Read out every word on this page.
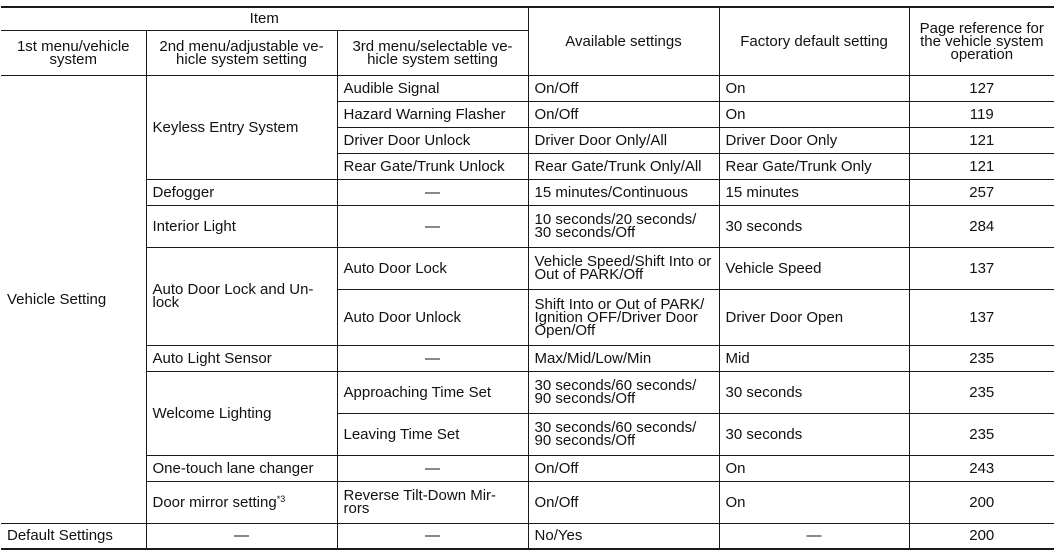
Item			Available settings	Factory default setting	Page reference for the vehicle system operation
1st menu/vehicle system	2nd menu/adjustable ve-hicle system setting	3rd menu/selectable ve-hicle system setting			
Vehicle Setting	Keyless Entry System	Audible Signal	On/Off	On	127
		Hazard Warning Flasher	On/Off	On	119
		Driver Door Unlock	Driver Door Only/All	Driver Door Only	121
		Rear Gate/Trunk Unlock	Rear Gate/Trunk Only/All	Rear Gate/Trunk Only	121
	Defogger	—	15 minutes/Continuous	15 minutes	257
	Interior Light	—	10 seconds/20 seconds/ 30 seconds/Off	30 seconds	284
	Auto Door Lock and Un-lock	Auto Door Lock	Vehicle Speed/Shift Into or Out of PARK/Off	Vehicle Speed	137
		Auto Door Unlock	Shift Into or Out of PARK/ Ignition OFF/Driver Door Open/Off	Driver Door Open	137
	Auto Light Sensor	—	Max/Mid/Low/Min	Mid	235
	Welcome Lighting	Approaching Time Set	30 seconds/60 seconds/ 90 seconds/Off	30 seconds	235
		Leaving Time Set	30 seconds/60 seconds/ 90 seconds/Off	30 seconds	235
	One-touch lane changer	—	On/Off	On	243
	Door mirror setting$^{*3}$	Reverse Tilt-Down Mir-rors	On/Off	On	200
Default Settings	—	—	No/Yes	—	200
